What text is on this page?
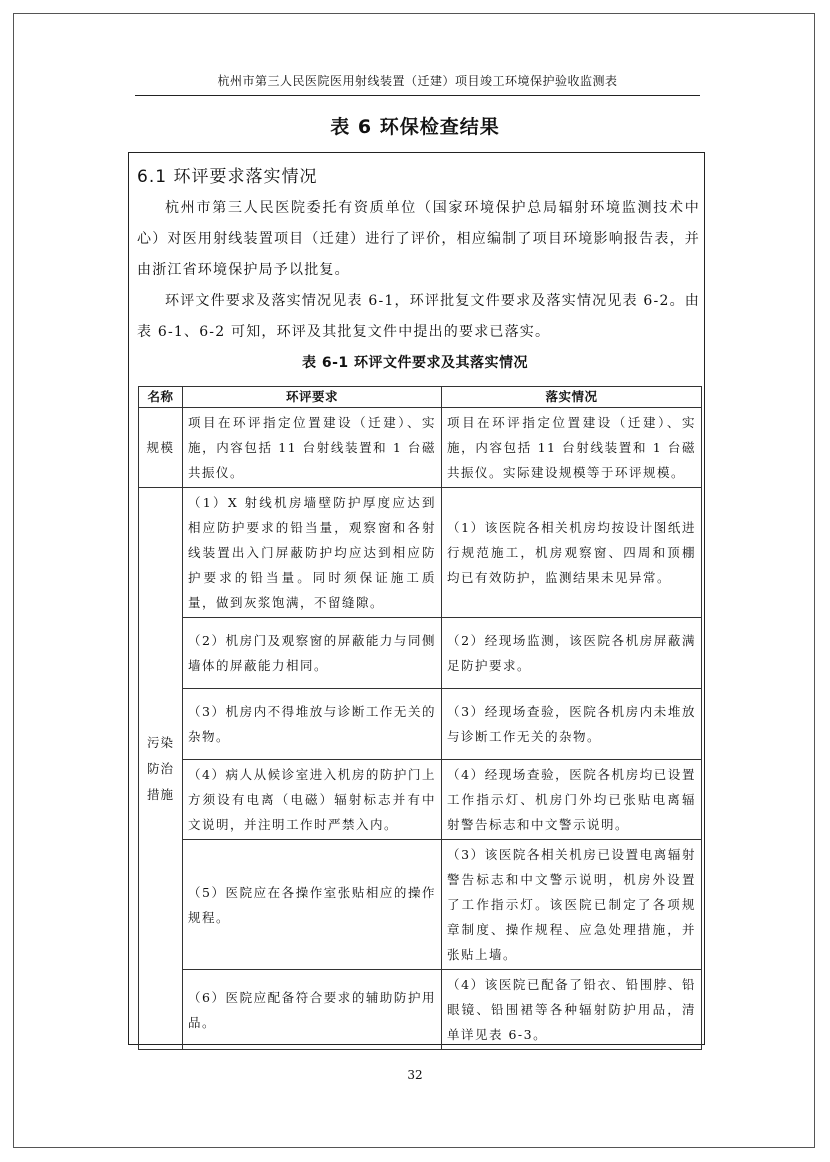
杭州市第三人民医院医用射线装置（迁建）项目竣工环境保护验收监测表
表 6 环保检查结果
6.1 环评要求落实情况

杭州市第三人民医院委托有资质单位（国家环境保护总局辐射环境监测技术中心）对医用射线装置项目（迁建）进行了评价，相应编制了项目环境影响报告表，并由浙江省环境保护局予以批复。

环评文件要求及落实情况见表 6-1，环评批复文件要求及落实情况见表 6-2。由表 6-1、6-2 可知，环评及其批复文件中提出的要求已落实。

表 6-1 环评文件要求及其落实情况
名称	环评要求	落实情况
规模	项目在环评指定位置建设（迁建）、实施，内容包括 11 台射线装置和 1 台磁共振仪。	项目在环评指定位置建设（迁建）、实施，内容包括 11 台射线装置和 1 台磁共振仪。实际建设规模等于环评规模。
污染防治措施	（1）X 射线机房墙壁防护厚度应达到相应防护要求的铅当量，观察窗和各射线装置出入门屏蔽防护均应达到相应防护要求的铅当量。同时须保证施工质量，做到灰浆饱满，不留缝隙。	（1）该医院各相关机房均按设计图纸进行规范施工，机房观察窗、四周和顶棚均已有效防护，监测结果未见异常。
	（2）机房门及观察窗的屏蔽能力与同侧墙体的屏蔽能力相同。	（2）经现场监测，该医院各机房屏蔽满足防护要求。
	（3）机房内不得堆放与诊断工作无关的杂物。	（3）经现场查验，医院各机房内未堆放与诊断工作无关的杂物。
	（4）病人从候诊室进入机房的防护门上方须设有电离（电磁）辐射标志并有中文说明，并注明工作时严禁入内。	（4）经现场查验，医院各机房均已设置工作指示灯、机房门外均已张贴电离辐射警告标志和中文警示说明。
	（5）医院应在各操作室张贴相应的操作规程。	（3）该医院各相关机房已设置电离辐射警告标志和中文警示说明，机房外设置了工作指示灯。该医院已制定了各项规章制度、操作规程、应急处理措施，并张贴上墙。
	（6）医院应配备符合要求的辅助防护用品。	（4）该医院已配备了铅衣、铅围脖、铅眼镜、铅围裙等各种辐射防护用品，清单详见表 6-3。
32
